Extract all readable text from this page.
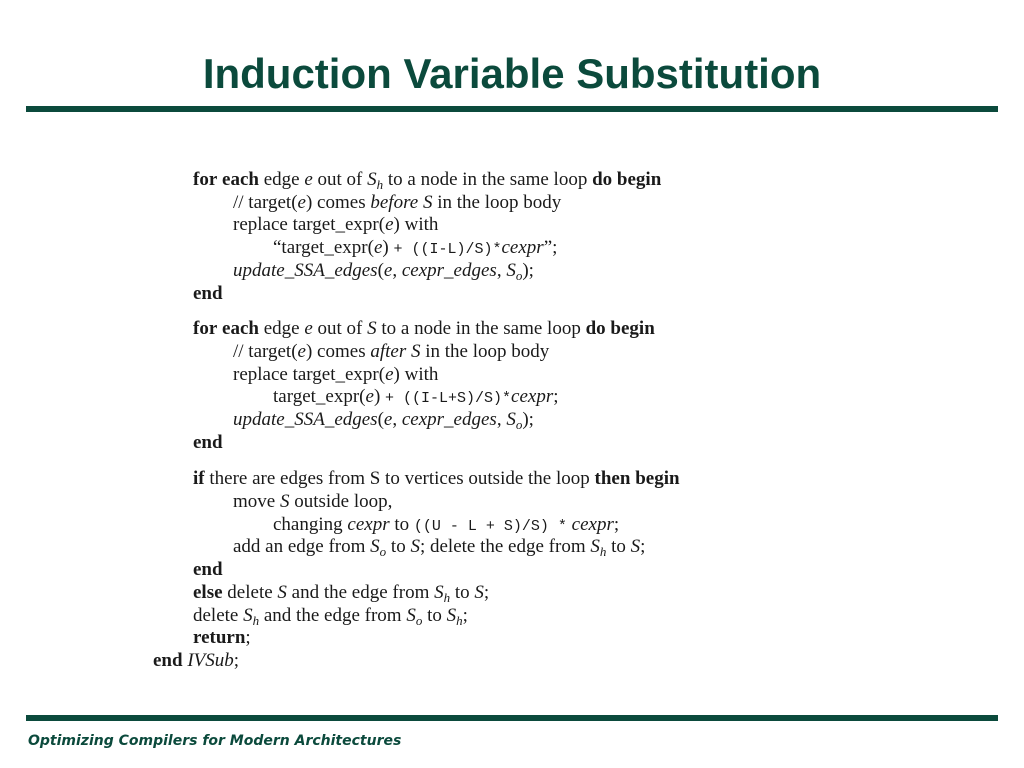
Induction Variable Substitution
for each edge e out of $S_h$ to a node in the same loop do begin
// target(e) comes before S in the loop body
replace target_expr(e) with
“target_expr(e) + ((I-L)/S)*cexpr”;
update_SSA_edges(e, cexpr_edges, $S_o$);
end
for each edge e out of S to a node in the same loop do begin
// target(e) comes after S in the loop body
replace target_expr(e) with
target_expr(e) + ((I-L+S)/S)*cexpr;
update_SSA_edges(e, cexpr_edges, $S_o$);
end
if there are edges from S to vertices outside the loop then begin
move S outside loop,
changing cexpr to ((U - L + S)/S) * cexpr;
add an edge from $S_o$ to S; delete the edge from $S_h$ to S;
end
else delete S and the edge from $S_h$ to S;
delete $S_h$ and the edge from $S_o$ to $S_h$;
return;
end IVSub;
Optimizing Compilers for Modern Architectures
